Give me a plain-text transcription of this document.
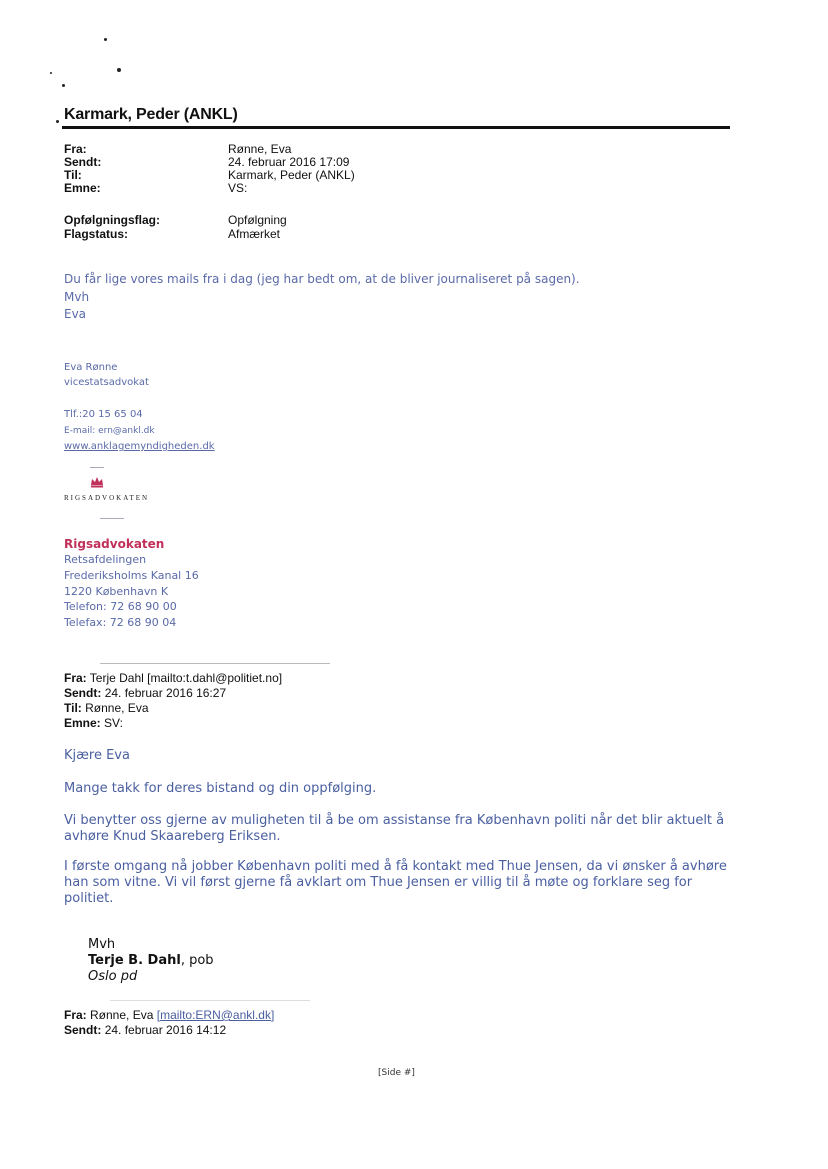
Karmark, Peder (ANKL)
Fra:	Rønne, Eva
Sendt:	24. februar 2016 17:09
Til:	Karmark, Peder (ANKL)
Emne:	VS:
Opfølgningsflag:	Opfølgning
Flagstatus:	Afmærket
Du får lige vores mails fra i dag (jeg har bedt om, at de bliver journaliseret på sagen).
Mvh
Eva
Eva Rønne
vicestatsadvokat
Tlf.:20 15 65 04
E-mail: ern@ankl.dk
www.anklagemyndigheden.dk
RIGSADVOKATEN
Rigsadvokaten
Retsafdelingen
Frederiksholms Kanal 16
1220 København K
Telefon: 72 68 90 00
Telefax: 72 68 90 04
Fra: Terje Dahl [mailto:t.dahl@politiet.no]
Sendt: 24. februar 2016 16:27
Til: Rønne, Eva
Emne: SV:
Kjære Eva
Mange takk for deres bistand og din oppfølging.
Vi benytter oss gjerne av muligheten til å be om assistanse fra København politi når det blir aktuelt å avhøre Knud Skaareberg Eriksen.
I første omgang nå jobber København politi med å få kontakt med Thue Jensen, da vi ønsker å avhøre han som vitne. Vi vil først gjerne få avklart om Thue Jensen er villig til å møte og forklare seg for politiet.
Mvh
Terje B. Dahl, pob
Oslo pd
Fra: Rønne, Eva [mailto:ERN@ankl.dk]
Sendt: 24. februar 2016 14:12
[Side #]
